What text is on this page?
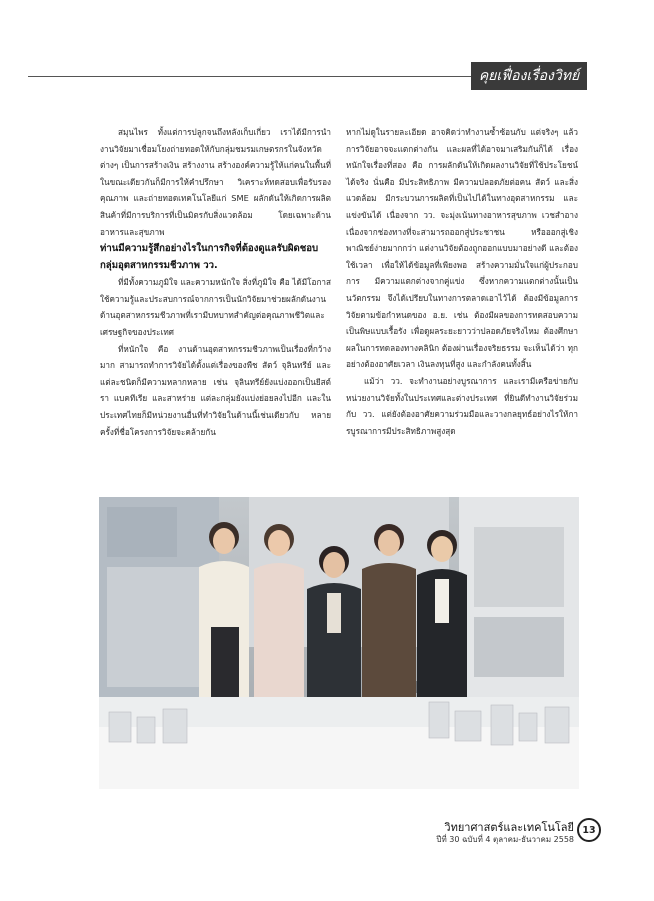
คุยเฟื่องเรื่องวิทย์

สมุนไพร ทั้งแต่การปลูกจนถึงหลังเก็บเกี่ยว เราได้มีการนำงานวิจัยมาเชื่อมโยงถ่ายทอดให้กับกลุ่มชมรมเกษตรกรในจังหวัดต่างๆ เป็นการสร้างเงิน สร้างงาน สร้างองค์ความรู้ให้แก่คนในพื้นที่ ในขณะเดียวกันก็มีการให้คำปรึกษา วิเคราะห์ทดสอบเพื่อรับรองคุณภาพ และถ่ายทอดเทคโนโลยีแก่ SME ผลักดันให้เกิดการผลิตสินค้าที่มีการบริการที่เป็นมิตรกับสิ่งแวดล้อม โดยเฉพาะด้านอาหารและสุขภาพ

ท่านมีความรู้สึกอย่างไรในการกิจที่ต้องดูแลรับผิดชอบกลุ่มอุตสาหกรรมชีวภาพ วว.

ที่มีทั้งความภูมิใจ และความหนักใจ สิ่งที่ภูมิใจ คือ ได้มีโอกาสใช้ความรู้และประสบการณ์จากการเป็นนักวิจัยมาช่วยผลักดันงานด้านอุตสาหกรรมชีวภาพที่เรามีบทบาทสำคัญต่อคุณภาพชีวิตและเศรษฐกิจของประเทศ

ที่หนักใจ คือ งานด้านอุตสาหกรรมชีวภาพเป็นเรื่องที่กว้างมาก สามารถทำการวิจัยได้ตั้งแต่เรื่องของพืช สัตว์ จุลินทรีย์ และแต่ละชนิดก็มีความหลากหลาย เช่น จุลินทรีย์ยังแบ่งออกเป็นยีสต์ รา แบคทีเรีย และสาหร่าย แต่ละกลุ่มยังแบ่งย่อยลงไปอีก และในประเทศไทยก็มีหน่วยงานอื่นที่ทำวิจัยในด้านนี้เช่นเดียวกับ หลายครั้งที่ชื่อโครงการวิจัยจะคล้ายกัน

หากไม่ดูในรายละเอียด อาจคิดว่าทำงานซ้ำซ้อนกับ แต่จริงๆ แล้วการวิจัยอาจจะแตกต่างกัน และผลที่ได้อาจมาเสริมกันก็ได้ เรื่องหนักใจเรื่องที่สอง คือ การผลักดันให้เกิดผลงานวิจัยที่ใช้ประโยชน์ได้จริง นั่นคือ มีประสิทธิภาพ มีความปลอดภัยต่อคน สัตว์ และสิ่งแวดล้อม มีกระบวนการผลิตที่เป็นไปได้ในทางอุตสาหกรรม และแข่งขันได้ เนื่องจาก วว. จะมุ่งเน้นทางอาหารสุขภาพ เวชสำอาง เนื่องจากช่องทางที่จะสามารถออกสู่ประชาชน หรือออกสู่เชิงพาณิชย์ง่ายมากกว่า แต่งานวิจัยต้องถูกออกแบบมาอย่างดี และต้องใช้เวลา เพื่อให้ได้ข้อมูลที่เพียงพอ สร้างความมั่นใจแก่ผู้ประกอบการ มีความแตกต่างจากคู่แข่ง ซึ่งหากความแตกต่างนั้นเป็นนวัตกรรม จึงได้เปรียบในทางการตลาดเอาไว้ได้ ต้องมีข้อมูลการวิจัยตามข้อกำหนดของ อ.ย. เช่น ต้องมีผลของการทดสอบความเป็นพิษแบบเรื้อรัง เพื่อดูผลระยะยาวว่าปลอดภัยจริงไหม ต้องศึกษาผลในการทดลองทางคลินิก ต้องผ่านเรื่องจริยธรรม จะเห็นได้ว่า ทุกอย่างต้องอาศัยเวลา เงินลงทุนที่สูง และกำลังคนทั้งสิ้น

แม้ว่า วว. จะทำงานอย่างบูรณาการ และเรามีเครือข่ายกับหน่วยงานวิจัยทั้งในประเทศและต่างประเทศ ที่ยินดีทำงานวิจัยร่วมกับ วว. แต่ยังต้องอาศัยความร่วมมือและวางกลยุทธ์อย่างไรให้การบูรณาการมีประสิทธิภาพสูงสุด

วิทยาศาสตร์และเทคโนโลยี
ปีที่ 30 ฉบับที่ 4 ตุลาคม-ธันวาคม 2558
13
